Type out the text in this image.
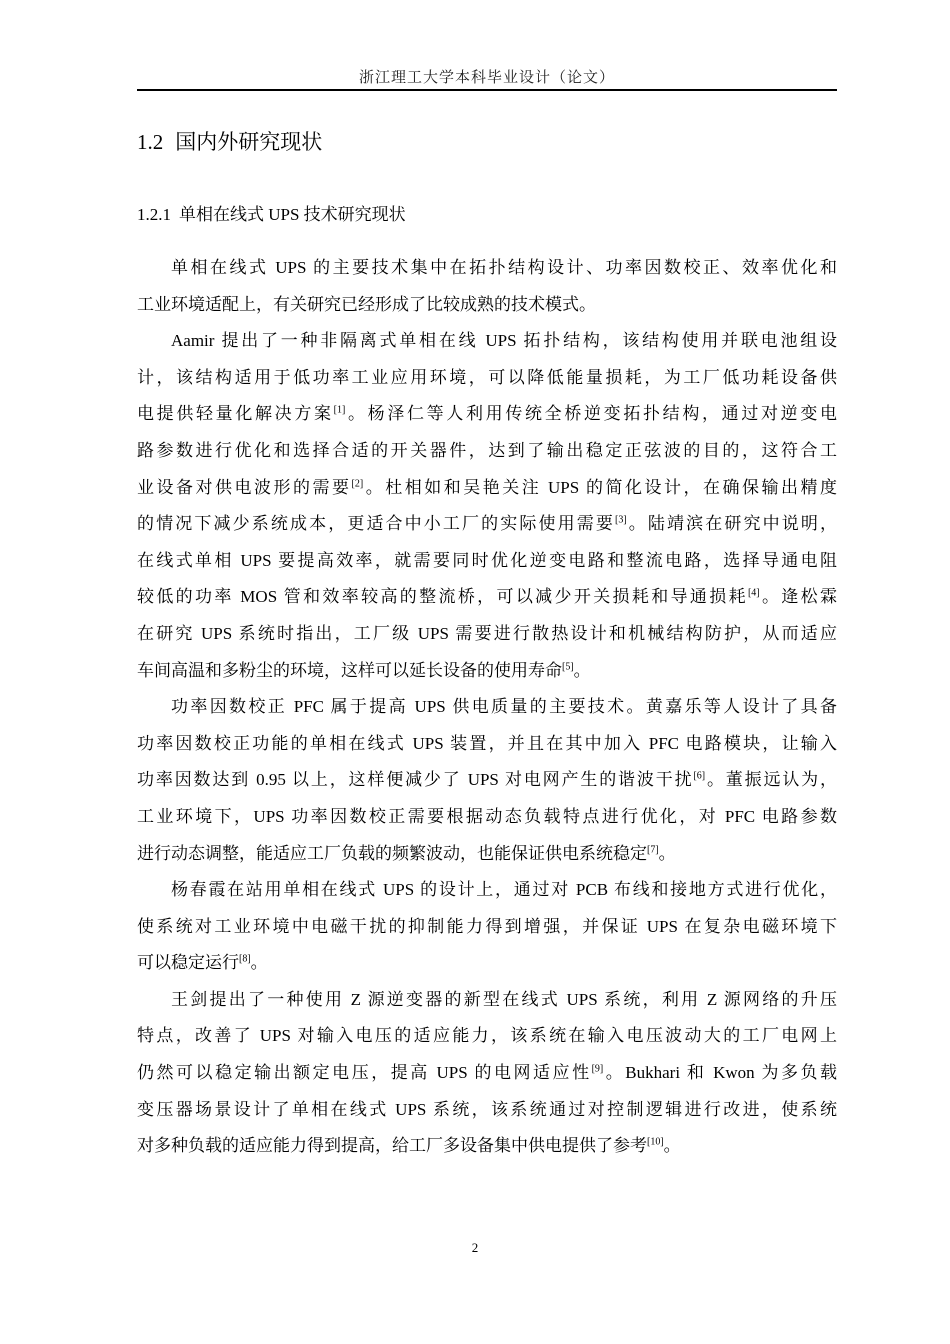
浙江理工大学本科毕业设计（论文）
1.2 国内外研究现状
1.2.1 单相在线式 UPS 技术研究现状
单相在线式 UPS 的主要技术集中在拓扑结构设计、功率因数校正、效率优化和
工业环境适配上，有关研究已经形成了比较成熟的技术模式。
Aamir 提出了一种非隔离式单相在线 UPS 拓扑结构，该结构使用并联电池组设
计，该结构适用于低功率工业应用环境，可以降低能量损耗，为工厂低功耗设备供
电提供轻量化解决方案[1]。杨泽仁等人利用传统全桥逆变拓扑结构，通过对逆变电
路参数进行优化和选择合适的开关器件，达到了输出稳定正弦波的目的，这符合工
业设备对供电波形的需要[2]。杜相如和吴艳关注 UPS 的简化设计，在确保输出精度
的情况下减少系统成本，更适合中小工厂的实际使用需要[3]。陆靖滨在研究中说明，
在线式单相 UPS 要提高效率，就需要同时优化逆变电路和整流电路，选择导通电阻
较低的功率 MOS 管和效率较高的整流桥，可以减少开关损耗和导通损耗[4]。逄松霖
在研究 UPS 系统时指出，工厂级 UPS 需要进行散热设计和机械结构防护，从而适应
车间高温和多粉尘的环境，这样可以延长设备的使用寿命[5]。
功率因数校正 PFC 属于提高 UPS 供电质量的主要技术。黄嘉乐等人设计了具备
功率因数校正功能的单相在线式 UPS 装置，并且在其中加入 PFC 电路模块，让输入
功率因数达到 0.95 以上，这样便减少了 UPS 对电网产生的谐波干扰[6]。董振远认为，
工业环境下，UPS 功率因数校正需要根据动态负载特点进行优化，对 PFC 电路参数
进行动态调整，能适应工厂负载的频繁波动，也能保证供电系统稳定[7]。
杨春霞在站用单相在线式 UPS 的设计上，通过对 PCB 布线和接地方式进行优化，
使系统对工业环境中电磁干扰的抑制能力得到增强，并保证 UPS 在复杂电磁环境下
可以稳定运行[8]。
王剑提出了一种使用 Z 源逆变器的新型在线式 UPS 系统，利用 Z 源网络的升压
特点，改善了 UPS 对输入电压的适应能力，该系统在输入电压波动大的工厂电网上
仍然可以稳定输出额定电压，提高 UPS 的电网适应性[9]。Bukhari 和 Kwon 为多负载
变压器场景设计了单相在线式 UPS 系统，该系统通过对控制逻辑进行改进，使系统
对多种负载的适应能力得到提高，给工厂多设备集中供电提供了参考[10]。
2
